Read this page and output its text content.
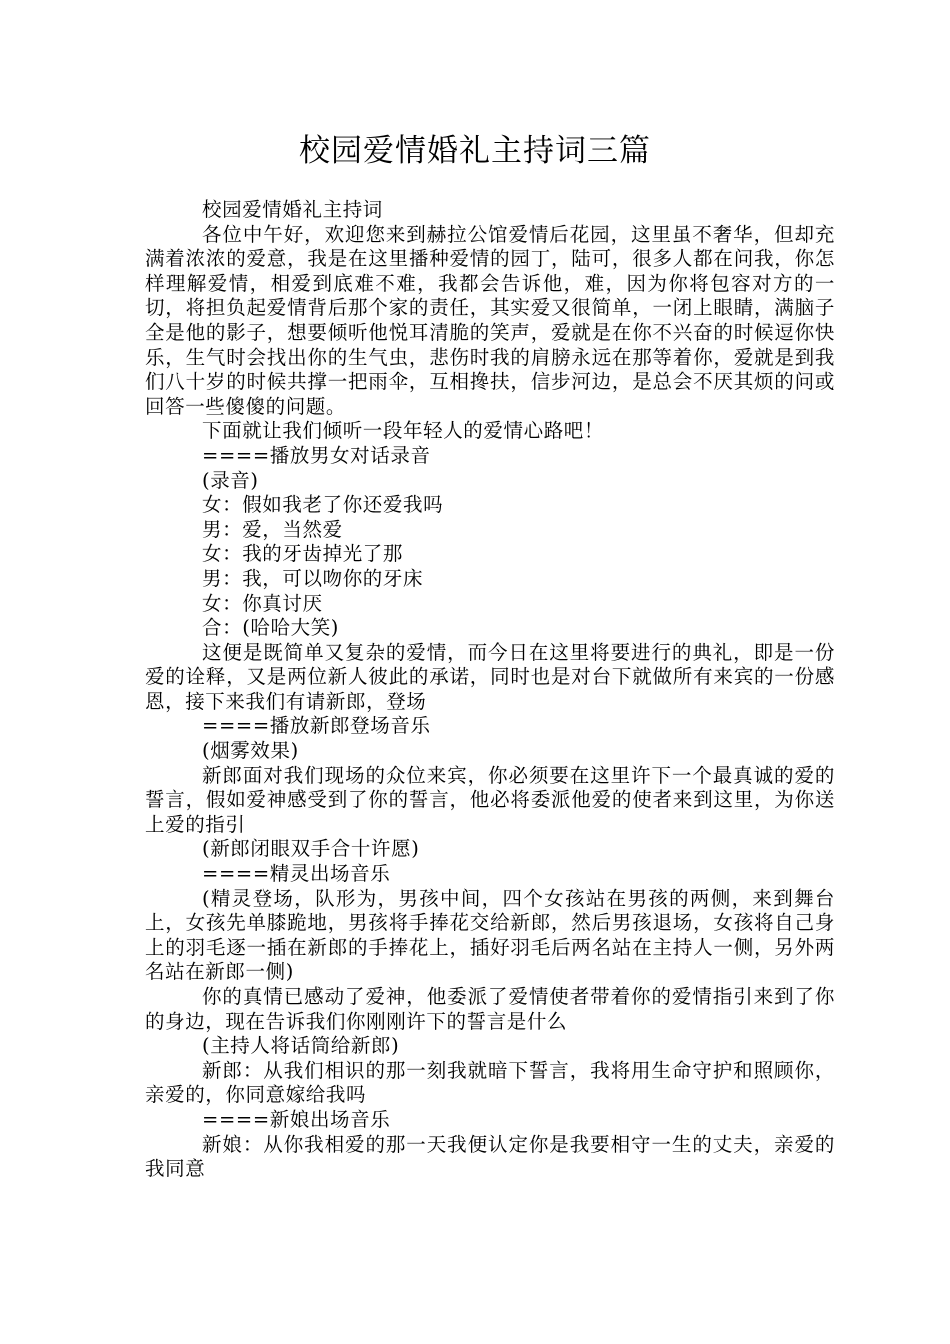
校园爱情婚礼主持词三篇

校园爱情婚礼主持词

各位中午好，欢迎您来到赫拉公馆爱情后花园，这里虽不奢华，但却充满着浓浓的爱意，我是在这里播种爱情的园丁，陆可，很多人都在问我，你怎样理解爱情，相爱到底难不难，我都会告诉他，难，因为你将包容对方的一切，将担负起爱情背后那个家的责任，其实爱又很简单，一闭上眼睛，满脑子全是他的影子，想要倾听他悦耳清脆的笑声，爱就是在你不兴奋的时候逗你快乐，生气时会找出你的生气虫，悲伤时我的肩膀永远在那等着你，爱就是到我们八十岁的时候共撑一把雨伞，互相搀扶，信步河边，是总会不厌其烦的问或回答一些傻傻的问题。

下面就让我们倾听一段年轻人的爱情心路吧！

====播放男女对话录音

(录音)

女：假如我老了你还爱我吗

男：爱，当然爱

女：我的牙齿掉光了那

男：我，可以吻你的牙床

女：你真讨厌

合：(哈哈大笑)

这便是既简单又复杂的爱情，而今日在这里将要进行的典礼，即是一份爱的诠释，又是两位新人彼此的承诺，同时也是对台下就做所有来宾的一份感恩，接下来我们有请新郎，登场

====播放新郎登场音乐

(烟雾效果)

新郎面对我们现场的众位来宾，你必须要在这里许下一个最真诚的爱的誓言，假如爱神感受到了你的誓言，他必将委派他爱的使者来到这里，为你送上爱的指引

(新郎闭眼双手合十许愿)

====精灵出场音乐

(精灵登场，队形为，男孩中间，四个女孩站在男孩的两侧，来到舞台上，女孩先单膝跪地，男孩将手捧花交给新郎，然后男孩退场，女孩将自己身上的羽毛逐一插在新郎的手捧花上，插好羽毛后两名站在主持人一侧，另外两名站在新郎一侧)

你的真情已感动了爱神，他委派了爱情使者带着你的爱情指引来到了你的身边，现在告诉我们你刚刚许下的誓言是什么

(主持人将话筒给新郎)

新郎：从我们相识的那一刻我就暗下誓言，我将用生命守护和照顾你，亲爱的，你同意嫁给我吗

====新娘出场音乐

新娘：从你我相爱的那一天我便认定你是我要相守一生的丈夫，亲爱的我同意
